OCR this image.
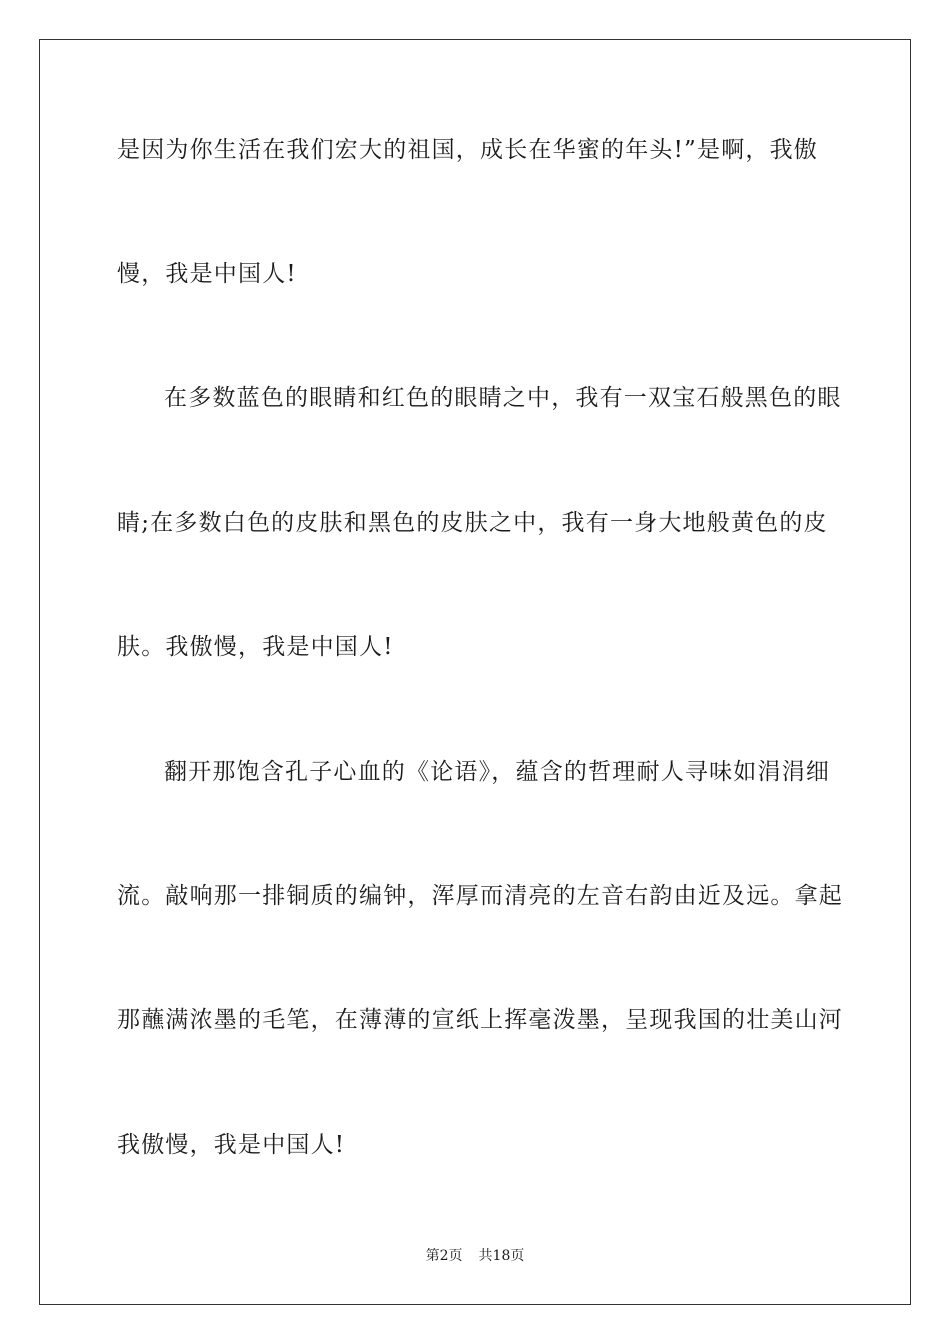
是因为你生活在我们宏大的祖国，成长在华蜜的年头!”是啊，我傲
慢，我是中国人!
在多数蓝色的眼睛和红色的眼睛之中，我有一双宝石般黑色的眼
睛;在多数白色的皮肤和黑色的皮肤之中，我有一身大地般黄色的皮
肤。我傲慢，我是中国人!
翻开那饱含孔子心血的《论语》，蕴含的哲理耐人寻味如涓涓细
流。敲响那一排铜质的编钟，浑厚而清亮的左音右韵由近及远。拿起
那蘸满浓墨的毛笔，在薄薄的宣纸上挥毫泼墨，呈现我国的壮美山河
我傲慢，我是中国人!
第2页 共18页
